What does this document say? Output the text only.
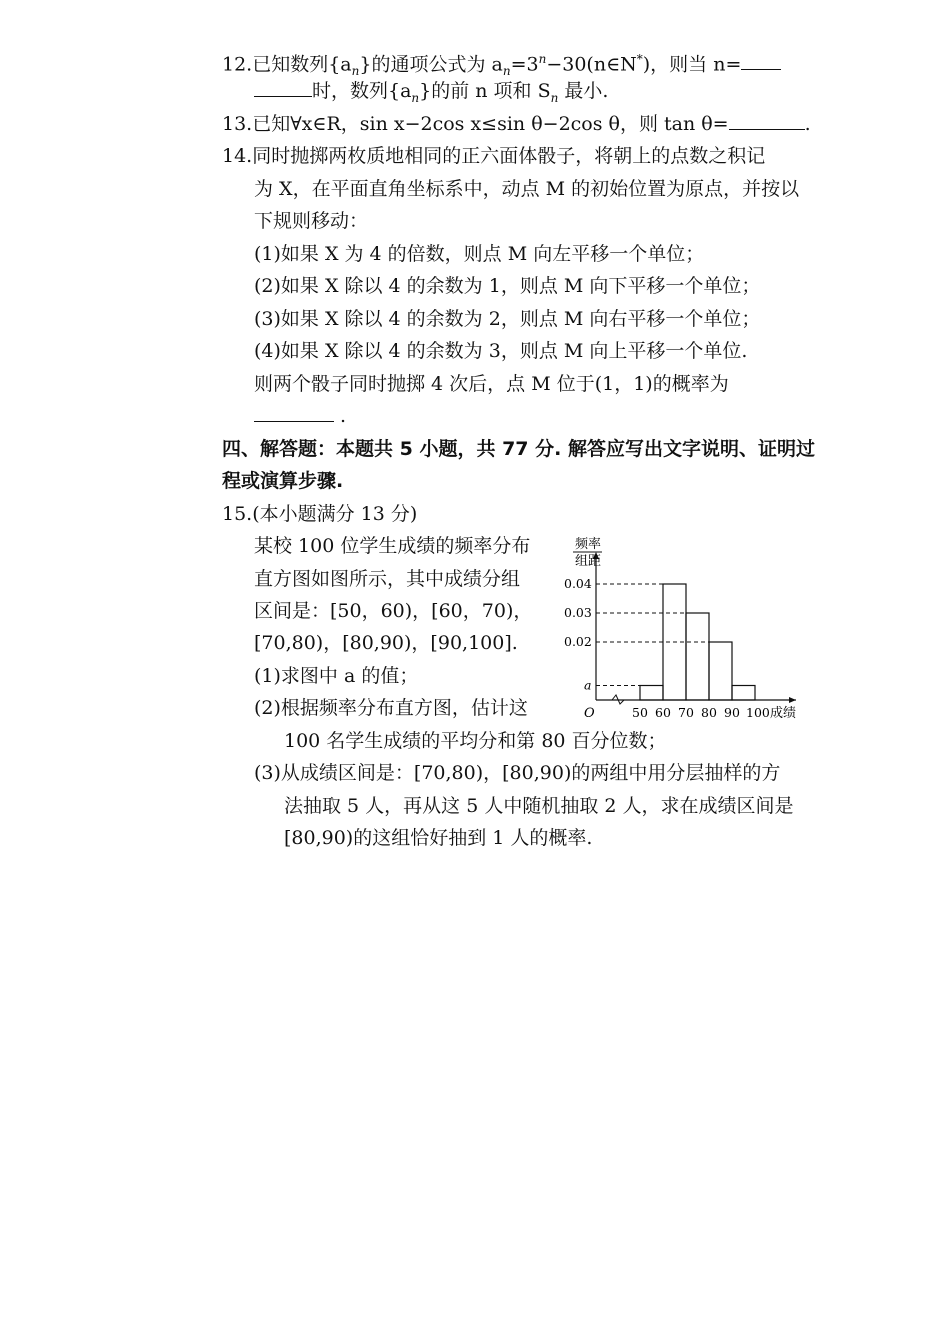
12.已知数列$\{a_n\}$的通项公式为 $a_n=3^n-30(n\in N^*)$，则当 n=
时，数列$\{a_n\}$的前 n 项和 $S_n$ 最小.
13.已知∀x∈R，sin x−2cos x≤sin θ−2cos θ，则 tan θ=	.
14.同时抛掷两枚质地相同的正六面体骰子，将朝上的点数之积记
为 X，在平面直角坐标系中，动点 M 的初始位置为原点，并按以
下规则移动：
(1)如果 X 为 4 的倍数，则点 M 向左平移一个单位；
(2)如果 X 除以 4 的余数为 1，则点 M 向下平移一个单位；
(3)如果 X 除以 4 的余数为 2，则点 M 向右平移一个单位；
(4)如果 X 除以 4 的余数为 3，则点 M 向上平移一个单位.
则两个骰子同时抛掷 4 次后，点 M 位于(1，1)的概率为
.
四、解答题：本题共 5 小题，共 77 分. 解答应写出文字说明、证明过
程或演算步骤.
15.(本小题满分 13 分)
某校 100 位学生成绩的频率分布
直方图如图所示，其中成绩分组
区间是：[50，60)，[60，70)，
[70,80)，[80,90)，[90,100].
(1)求图中 a 的值；
(2)根据频率分布直方图，估计这
100 名学生成绩的平均分和第 80 百分位数；
(3)从成绩区间是：[70,80)，[80,90)的两组中用分层抽样的方
法抽取 5 人，再从这 5 人中随机抽取 2 人，求在成绩区间是
[80,90)的这组恰好抽到 1 人的概率.
频率
组距
O
0.04
0.03
0.02
a
50 60 70 80 90 100 成绩
